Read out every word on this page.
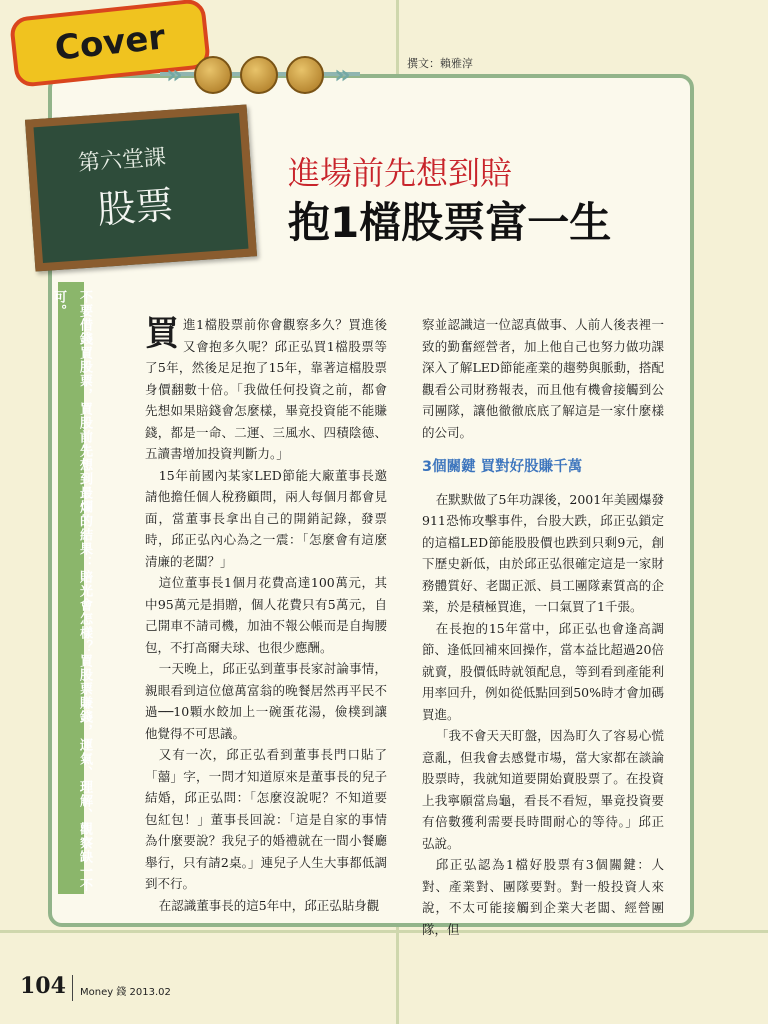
Cover
»	»	撰文：賴雅淳
第六堂課
股票
進場前先想到賠
抱1檔股票富一生
不要借錢買股票，買股前先想到最爛的結果：賠光會怎樣？買股票賺錢，運氣、理解、觀察缺一不可。

買進1檔股票前你會觀察多久？買進後又會抱多久呢？邱正弘買1檔股票等了5年，然後足足抱了15年，靠著這檔股票身價翻數十倍。「我做任何投資之前，都會先想如果賠錢會怎麼樣，畢竟投資能不能賺錢，都是一命、二運、三風水、四積陰德、五讀書增加投資判斷力。」

15年前國內某家LED節能大廠董事長邀請他擔任個人稅務顧問，兩人每個月都會見面，當董事長拿出自己的開銷記錄，發票時，邱正弘內心為之一震：「怎麼會有這麼清廉的老闆？」

這位董事長1個月花費高達100萬元，其中95萬元是捐贈，個人花費只有5萬元，自己開車不請司機，加油不報公帳而是自掏腰包，不打高爾夫球、也很少應酬。

一天晚上，邱正弘到董事長家討論事情，親眼看到這位億萬富翁的晚餐居然再平民不過──10顆水餃加上一碗蛋花湯，儉樸到讓他覺得不可思議。

又有一次，邱正弘看到董事長門口貼了「囍」字，一問才知道原來是董事長的兒子結婚，邱正弘問：「怎麼沒說呢？不知道要包紅包！」董事長回說：「這是自家的事情為什麼要說？我兒子的婚禮就在一間小餐廳舉行，只有請2桌。」連兒子人生大事都低調到不行。

在認識董事長的這5年中，邱正弘貼身觀

察並認識這一位認真做事、人前人後表裡一致的勤奮經營者，加上他自己也努力做功課深入了解LED節能產業的趨勢與脈動，搭配觀看公司財務報表，而且他有機會接觸到公司團隊，讓他徹徹底底了解這是一家什麼樣的公司。

3個關鍵 買對好股賺千萬

在默默做了5年功課後，2001年美國爆發911恐怖攻擊事件，台股大跌，邱正弘鎖定的這檔LED節能股股價也跌到只剩9元，創下歷史新低，由於邱正弘很確定這是一家財務體質好、老闆正派、員工團隊素質高的企業，於是積極買進，一口氣買了1千張。

在長抱的15年當中，邱正弘也會逢高調節、逢低回補來回操作，當本益比超過20倍就賣，股價低時就領配息，等到看到產能利用率回升，例如從低點回到50%時才會加碼買進。

「我不會天天盯盤，因為盯久了容易心慌意亂，但我會去感覺市場，當大家都在談論股票時，我就知道要開始賣股票了。在投資上我寧願當烏龜，看長不看短，畢竟投資要有倍數獲利需要長時間耐心的等待。」邱正弘說。

邱正弘認為1檔好股票有3個關鍵：人對、產業對、團隊要對。對一般投資人來說，不太可能接觸到企業大老闆、經營團隊，但

104 Money 錢 2013.02
